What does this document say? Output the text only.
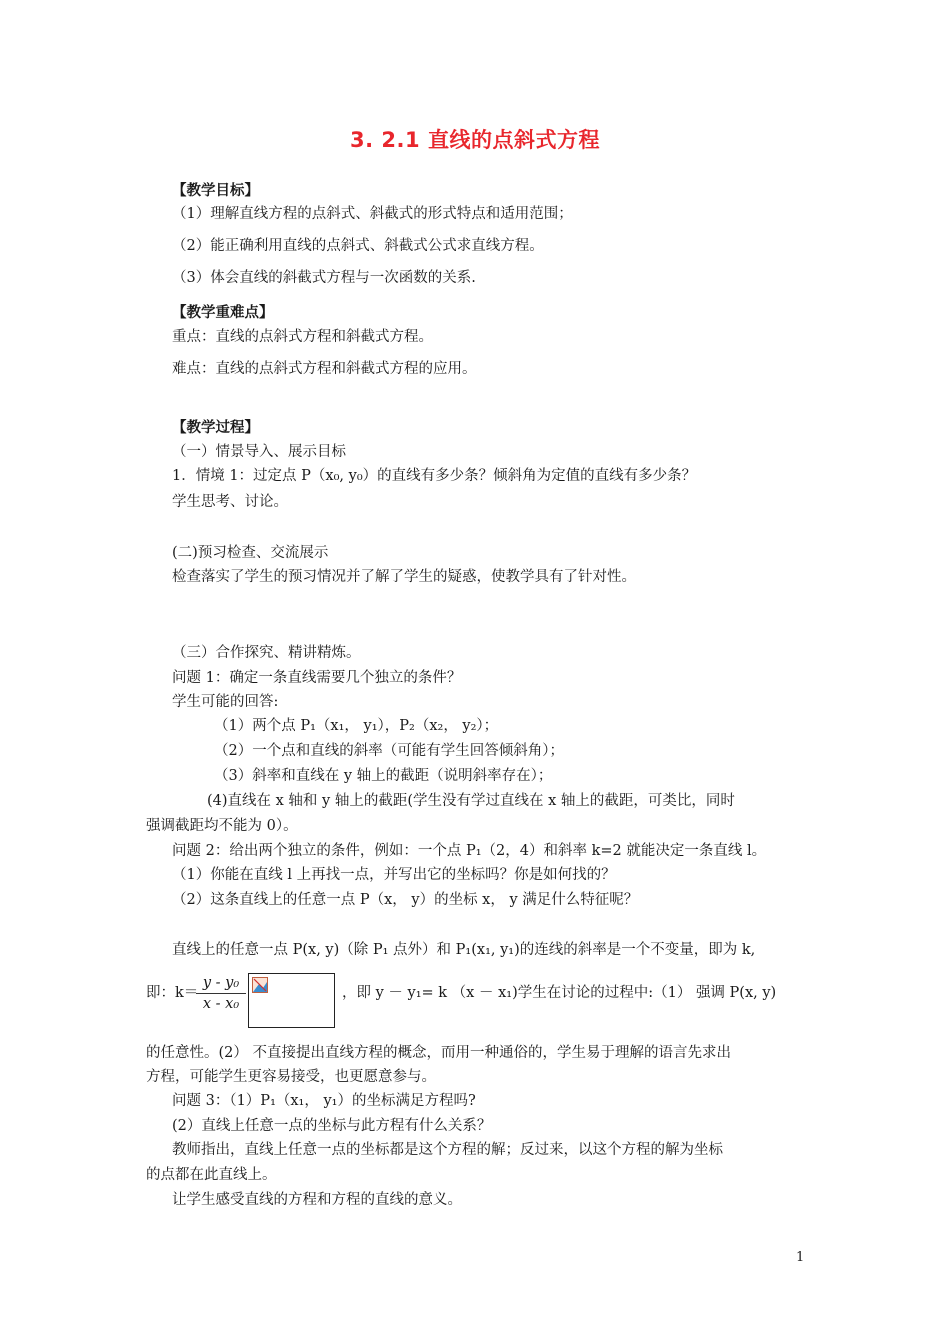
3. 2.1 直线的点斜式方程
【教学目标】
（1）理解直线方程的点斜式、斜截式的形式特点和适用范围；
（2）能正确利用直线的点斜式、斜截式公式求直线方程。
（3）体会直线的斜截式方程与一次函数的关系.
【教学重难点】
重点：直线的点斜式方程和斜截式方程。
难点：直线的点斜式方程和斜截式方程的应用。
【教学过程】
（一）情景导入、展示目标
1．情境 1：过定点 P（x₀, y₀）的直线有多少条？倾斜角为定值的直线有多少条？
学生思考、讨论。
(二)预习检查、交流展示
检查落实了学生的预习情况并了解了学生的疑惑，使教学具有了针对性。
（三）合作探究、精讲精炼。
问题 1：确定一条直线需要几个独立的条件？
学生可能的回答:
（1）两个点 P₁（x₁， y₁），P₂（x₂， y₂）；
（2）一个点和直线的斜率（可能有学生回答倾斜角）；
（3）斜率和直线在 y 轴上的截距（说明斜率存在）；
(4)直线在 x 轴和 y 轴上的截距(学生没有学过直线在 x 轴上的截距，可类比，同时
强调截距均不能为 0）。
问题 2：给出两个独立的条件，例如：一个点 P₁（2，4）和斜率 k=2 就能决定一条直线 l。
（1）你能在直线 l 上再找一点，并写出它的坐标吗？你是如何找的？
（2）这条直线上的任意一点 P（x， y）的坐标 x， y 满足什么特征呢？
直线上的任意一点 P(x, y)（除 P₁ 点外）和 P₁(x₁, y₁)的连线的斜率是一个不变量，即为 k,
即：k＝
$\frac{\text{y - y₀}}{\text{x - x₀}}$	，即 y － y₁= k （x － x₁)学生在讨论的过程中:（1） 强调 P(x, y)
的任意性。(2） 不直接提出直线方程的概念，而用一种通俗的，学生易于理解的语言先求出
方程，可能学生更容易接受，也更愿意参与。
问题 3：（1）P₁（x₁， y₁）的坐标满足方程吗?
(2）直线上任意一点的坐标与此方程有什么关系？
教师指出，直线上任意一点的坐标都是这个方程的解；反过来，以这个方程的解为坐标
的点都在此直线上。
让学生感受直线的方程和方程的直线的意义。
1
